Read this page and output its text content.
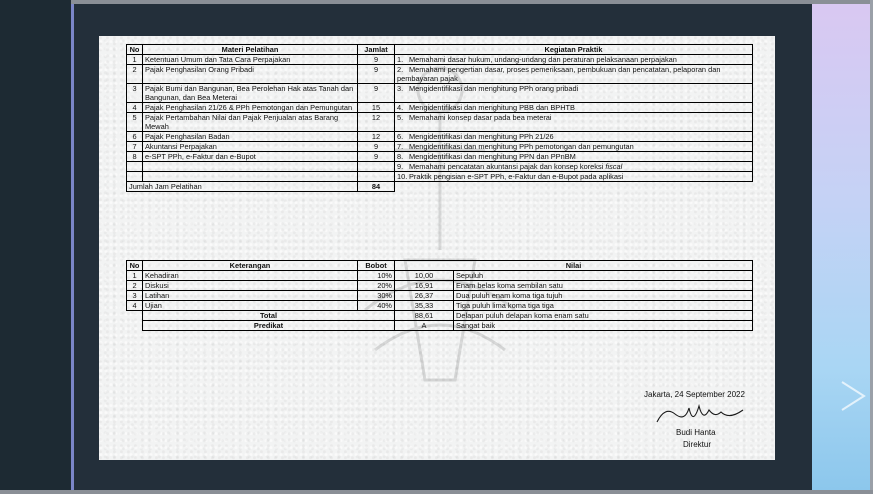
No	Materi Pelatihan	Jamlat	Kegiatan Praktik
1	Ketentuan Umum dan Tata Cara Perpajakan	9	1. Memahami dasar hukum, undang-undang dan peraturan pelaksanaan perpajakan
2	Pajak Penghasilan Orang Pribadi	9	2. Memahami pengertian dasar, proses pemeriksaan, pembukuan dan pencatatan, pelaporan dan pembayaran pajak
3	Pajak Bumi dan Bangunan, Bea Perolehan Hak atas Tanah dan Bangunan, dan Bea Meterai	9	3. Mengidentifikasi dan menghitung PPh orang pribadi
4	Pajak Penghasilan 21/26 & PPh Pemotongan dan Pemungutan	15	4. Mengidentifikasi dan menghitung PBB dan BPHTB
5	Pajak Pertambahan Nilai dan Pajak Penjualan atas Barang Mewah	12	5. Memahami konsep dasar pada bea meterai
6	Pajak Penghasilan Badan	12	6. Mengidentifikasi dan menghitung PPh 21/26
7	Akuntansi Perpajakan	9	7. Mengidentifikasi dan menghitung PPh pemotongan dan pemungutan
8	e-SPT PPh, e-Faktur dan e-Bupot	9	8. Mengidentifikasi dan menghitung PPN dan PPnBM
			9. Memahami pencatatan akuntansi pajak dan konsep koreksi fiscal
			10. Praktik pengisian e-SPT PPh, e-Faktur dan e-Bupot pada aplikasi
Jumlah Jam Pelatihan		84	
No	Keterangan	Bobot	Nilai	
1	Kehadiran	10%	10,00	Sepuluh
2	Diskusi	20%	16,91	Enam belas koma sembilan satu
3	Latihan	30%	26,37	Dua puluh enam koma tiga tujuh
4	Ujian	40%	35,33	Tiga puluh lima koma tiga tiga
	Total		88,61	Delapan puluh delapan koma enam satu
	Predikat		A	Sangat baik
Jakarta, 24 September 2022
Budi Hanta
Direktur
